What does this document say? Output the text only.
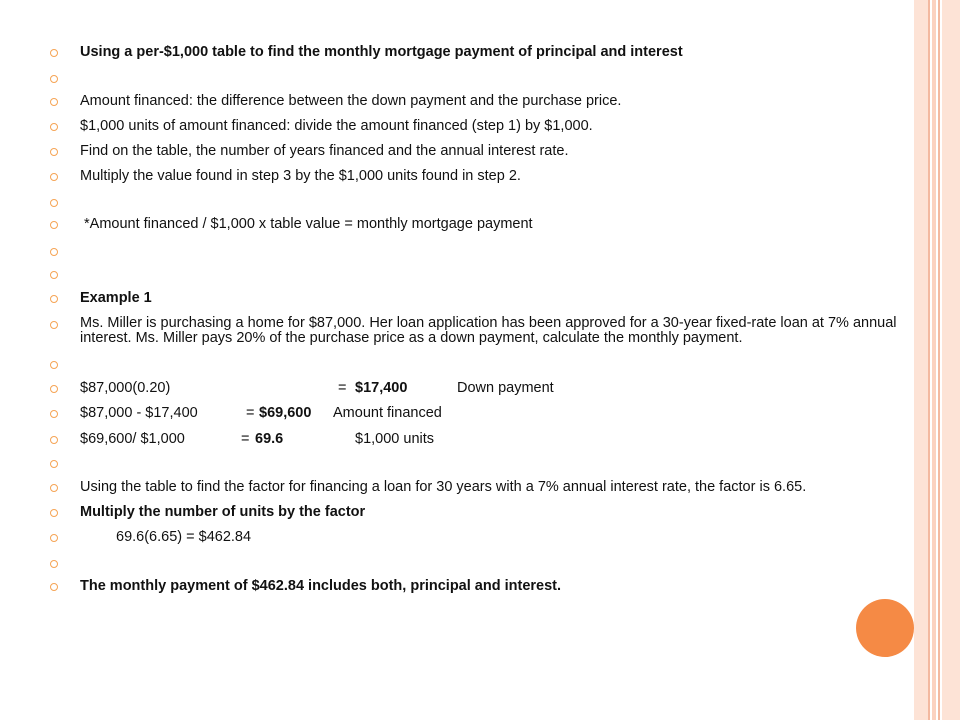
Using a per-$1,000 table to find the monthly mortgage payment of principal and interest
Amount financed: the difference between the down payment and the purchase price.
$1,000 units of amount financed: divide the amount financed (step 1) by $1,000.
Find on the table, the number of years financed and the annual interest rate.
Multiply the value found in step 3 by the $1,000 units found in step 2.
*Amount financed / $1,000 x table value = monthly mortgage payment
Example 1
Ms. Miller is purchasing a home for $87,000. Her loan application has been approved for a 30-year fixed-rate loan at 7% annual interest. Ms. Miller pays 20% of the purchase price as a down payment, calculate the monthly payment.
$87,000(0.20)	= $17,400	Down payment
$87,000 - $17,400	= $69,600 Amount financed
$69,600/ $1,000	= 69.6	$1,000 units
Using the table to find the factor for financing a loan for 30 years with a 7% annual interest rate, the factor is 6.65.
Multiply the number of units by the factor
69.6(6.65) = $462.84
The monthly payment of $462.84 includes both, principal and interest.
